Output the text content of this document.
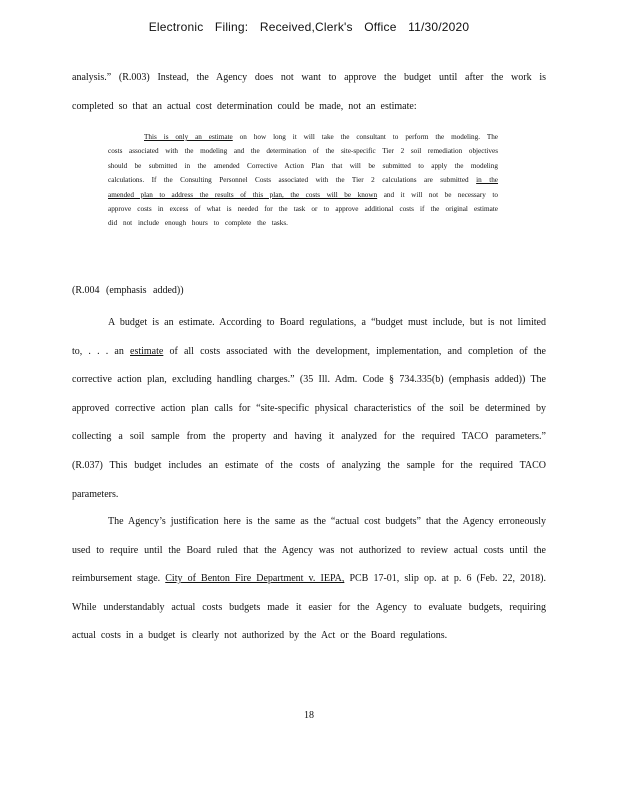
Electronic Filing: Received,Clerk's Office 11/30/2020

analysis.” (R.003) Instead, the Agency does not want to approve the budget until after the work is completed so that an actual cost determination could be made, not an estimate:

This is only an estimate on how long it will take the consultant to perform the modeling. The costs associated with the modeling and the determination of the site-specific Tier 2 soil remediation objectives should be submitted in the amended Corrective Action Plan that will be submitted to apply the modeling calculations. If the Consulting Personnel Costs associated with the Tier 2 calculations are submitted in the amended plan to address the results of this plan, the costs will be known and it will not be necessary to approve costs in excess of what is needed for the task or to approve additional costs if the original estimate did not include enough hours to complete the tasks.

(R.004 (emphasis added))

A budget is an estimate. According to Board regulations, a “budget must include, but is not limited to, . . . an estimate of all costs associated with the development, implementation, and completion of the corrective action plan, excluding handling charges.” (35 Ill. Adm. Code § 734.335(b) (emphasis added)) The approved corrective action plan calls for “site-specific physical characteristics of the soil be determined by collecting a soil sample from the property and having it analyzed for the required TACO parameters.” (R.037) This budget includes an estimate of the costs of analyzing the sample for the required TACO parameters.

The Agency’s justification here is the same as the “actual cost budgets” that the Agency erroneously used to require until the Board ruled that the Agency was not authorized to review actual costs until the reimbursement stage. City of Benton Fire Department v. IEPA, PCB 17-01, slip op. at p. 6 (Feb. 22, 2018). While understandably actual costs budgets made it easier for the Agency to evaluate budgets, requiring actual costs in a budget is clearly not authorized by the Act or the Board regulations.

18
